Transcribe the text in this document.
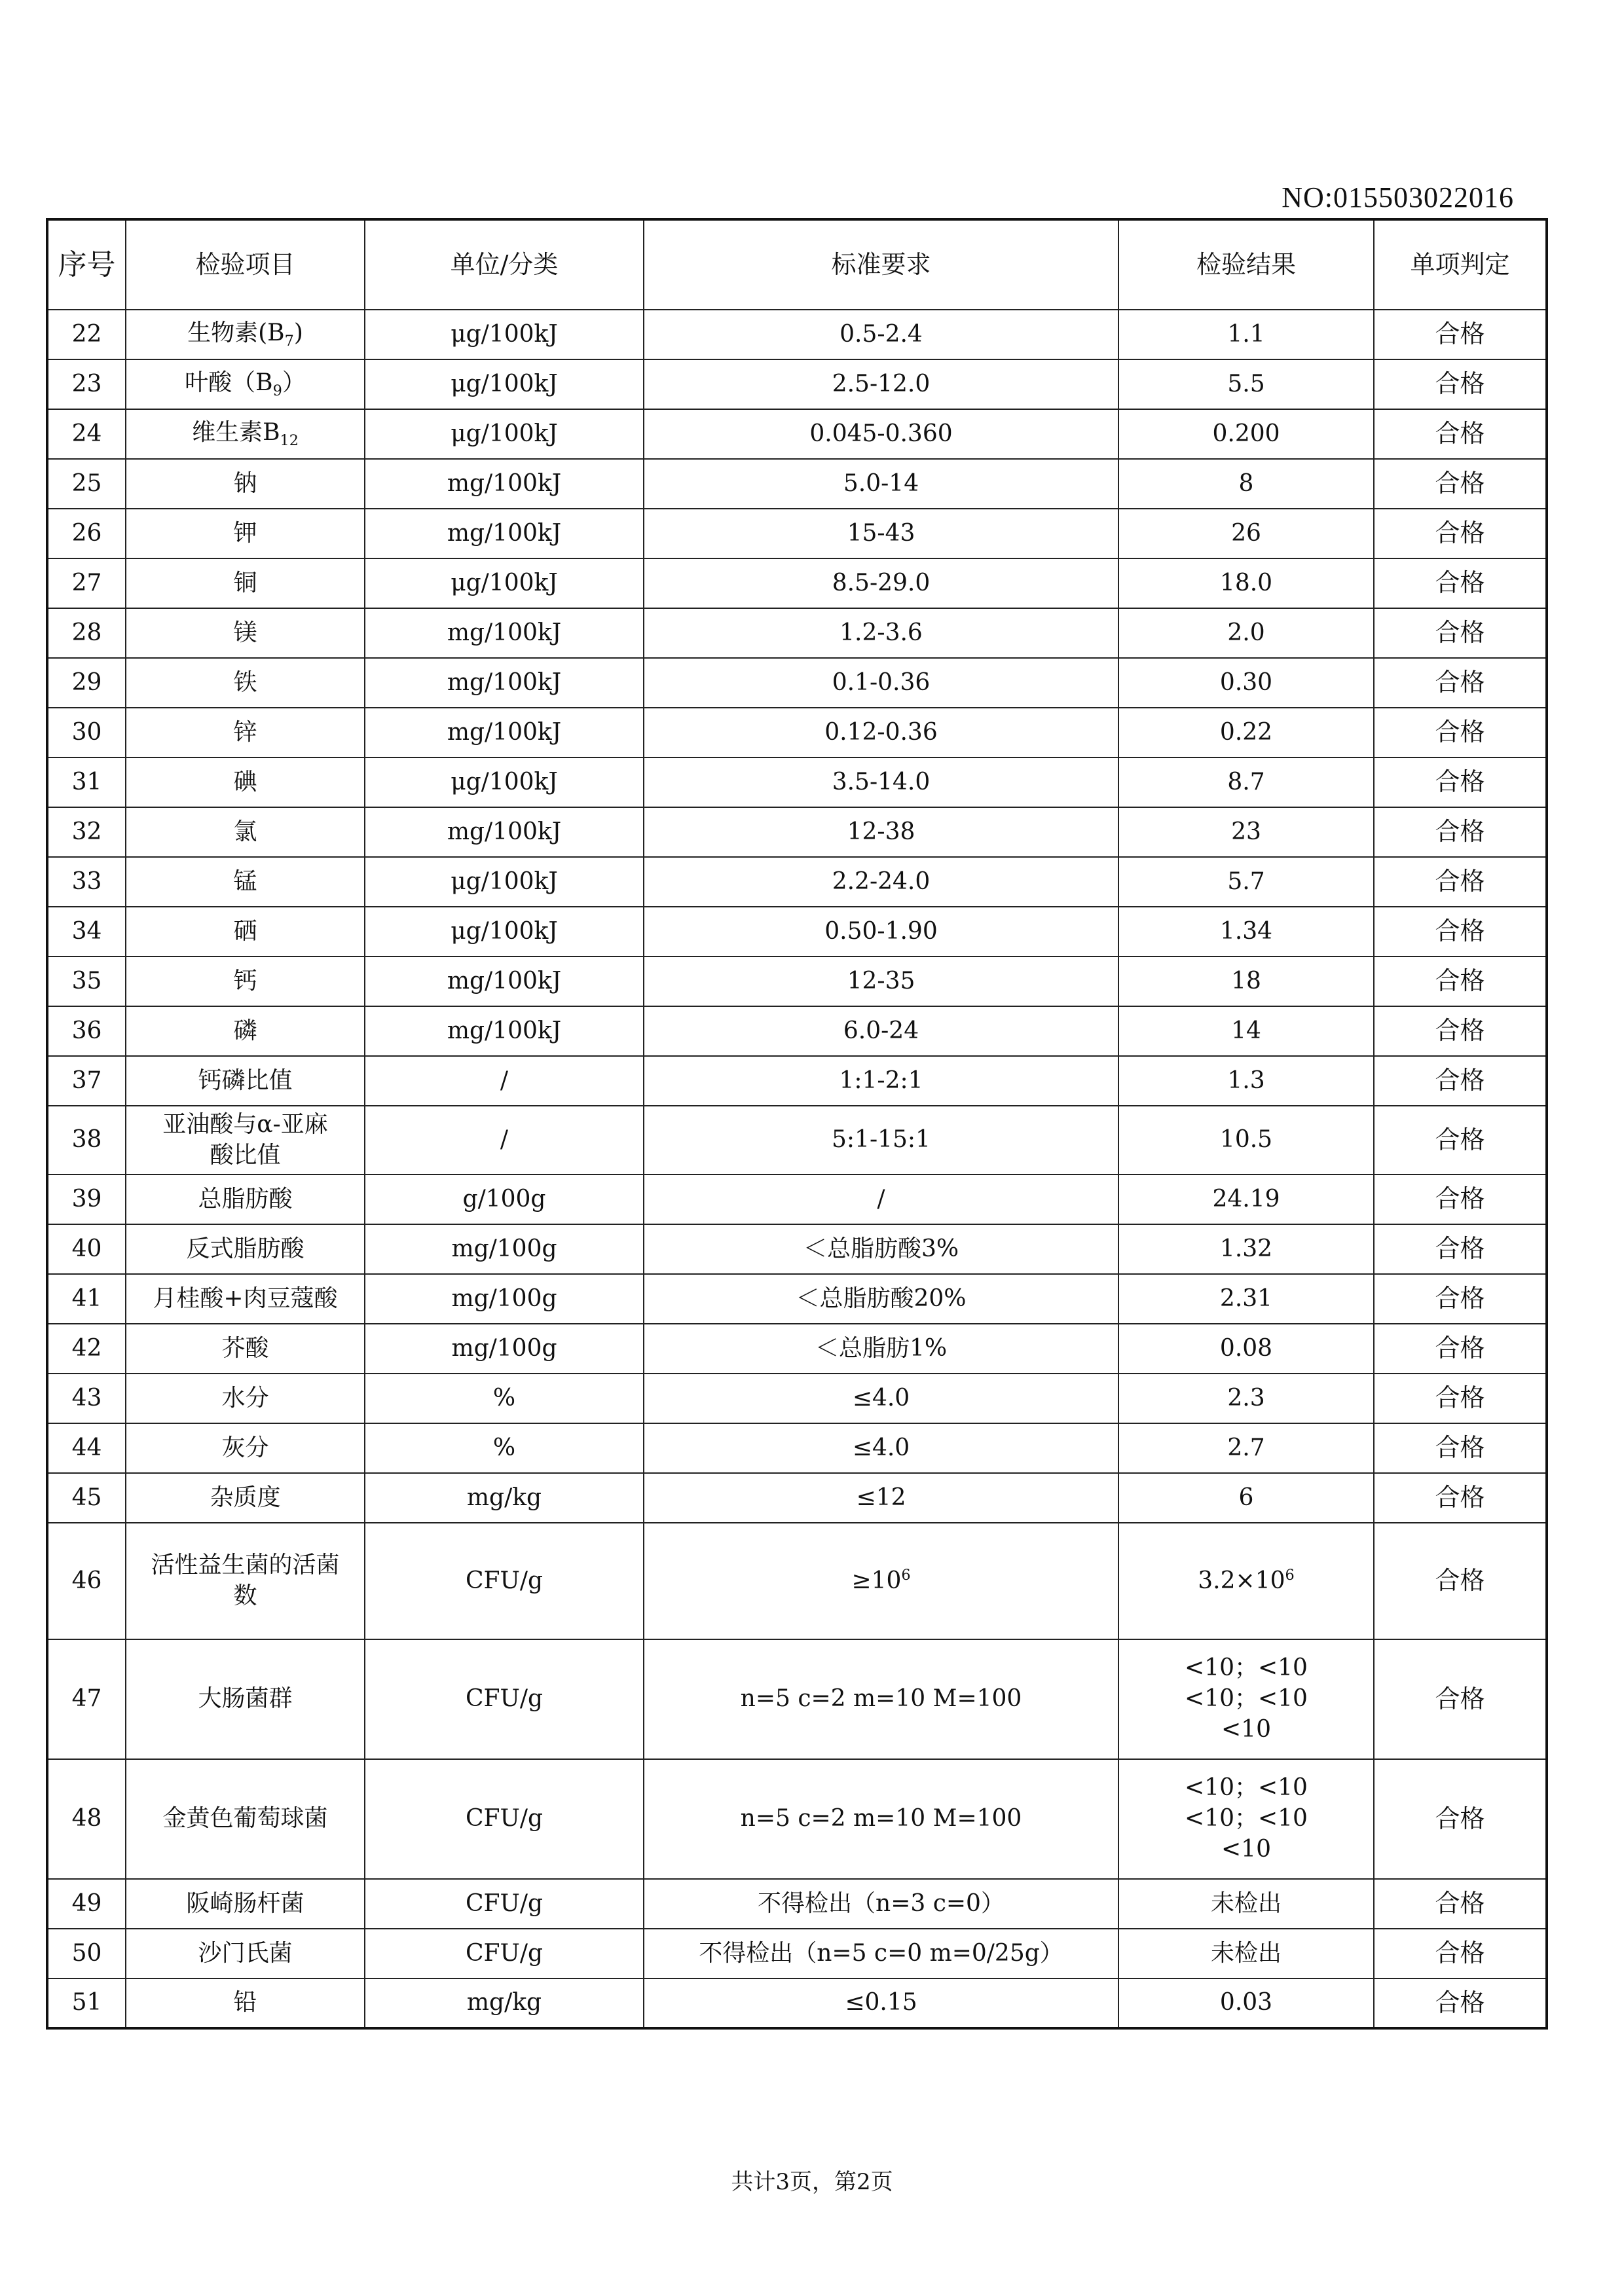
NO:015503022016
序号	检验项目	单位/分类	标准要求	检验结果	单项判定
22	生物素$(B_7)$	μg/100kJ	0.5-2.4	1.1	合格
23	叶酸$(B_9)$	μg/100kJ	2.5-12.0	5.5	合格
24	维生素$B_{12}$	μg/100kJ	0.045-0.360	0.200	合格
25	钠	mg/100kJ	5.0-14	8	合格
26	钾	mg/100kJ	15-43	26	合格
27	铜	μg/100kJ	8.5-29.0	18.0	合格
28	镁	mg/100kJ	1.2-3.6	2.0	合格
29	铁	mg/100kJ	0.1-0.36	0.30	合格
30	锌	mg/100kJ	0.12-0.36	0.22	合格
31	碘	μg/100kJ	3.5-14.0	8.7	合格
32	氯	mg/100kJ	12-38	23	合格
33	锰	μg/100kJ	2.2-24.0	5.7	合格
34	硒	μg/100kJ	0.50-1.90	1.34	合格
35	钙	mg/100kJ	12-35	18	合格
36	磷	mg/100kJ	6.0-24	14	合格
37	钙磷比值	/	1:1-2:1	1.3	合格
38	亚油酸与α-亚麻
酸比值	/	5:1-15:1	10.5	合格
39	总脂肪酸	g/100g	/	24.19	合格
40	反式脂肪酸	mg/100g	＜总脂肪酸3%	1.32	合格
41	月桂酸+肉豆蔻酸	mg/100g	＜总脂肪酸20%	2.31	合格
42	芥酸	mg/100g	＜总脂肪1%	0.08	合格
43	水分	%	≤4.0	2.3	合格
44	灰分	%	≤4.0	2.7	合格
45	杂质度	mg/kg	≤12	6	合格
46	活性益生菌的活菌
数	CFU/g	$\ge 10^6$	$3.2\times 10^6$	合格
47	大肠菌群	CFU/g	n=5 c=2 m=10 M=100	<10；<10
<10；<10
<10	合格
48	金黄色葡萄球菌	CFU/g	n=5 c=2 m=10 M=100	<10；<10
<10；<10
<10	合格
49	阪崎肠杆菌	CFU/g	不得检出（n=3 c=0）	未检出	合格
50	沙门氏菌	CFU/g	不得检出（n=5 c=0 m=0/25g）	未检出	合格
51	铅	mg/kg	≤0.15	0.03	合格
共计3页，第2页
